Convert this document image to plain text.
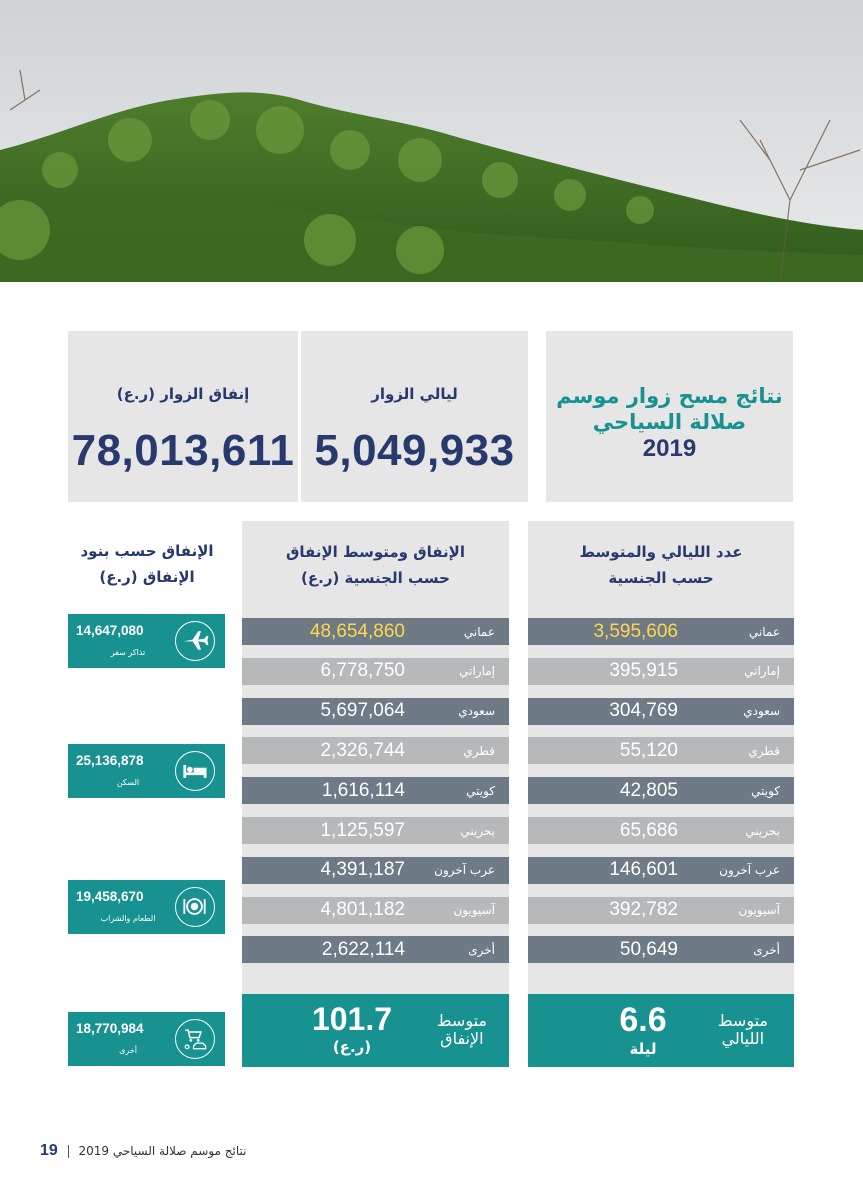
نتائج مسح زوار موسم
صلالة السياحي
2019
ليالي الزوار
5,049,933
إنفاق الزوار (ر.ع)
78,013,611
عدد الليالي والمتوسط
حسب الجنسية
3,595,606	عماني
395,915	إماراتي
304,769	سعودي
55,120	قطري
42,805	كويتي
65,686	بحريني
146,601	عرب آخرون
392,782	آسيويون
50,649	أخرى
متوسط
الليالي
6.6
ليلة
الإنفاق ومتوسط الإنفاق
حسب الجنسية (ر.ع)
48,654,860	عماني
6,778,750	إماراتي
5,697,064	سعودي
2,326,744	قطري
1,616,114	كويتي
1,125,597	بحريني
4,391,187 عرب آخرون
4,801,182	آسيويون
2,622,114	أخرى
متوسط
الإنفاق
101.7
(ر.ع)
الإنفاق حسب بنود
الإنفاق (ر.ع)
14,647,080
تذاكر سفر
25,136,878
السكن
19,458,670
الطعام والشراب
18,770,984
أخرى
19 نتائج موسم صلالة السياحي 2019
